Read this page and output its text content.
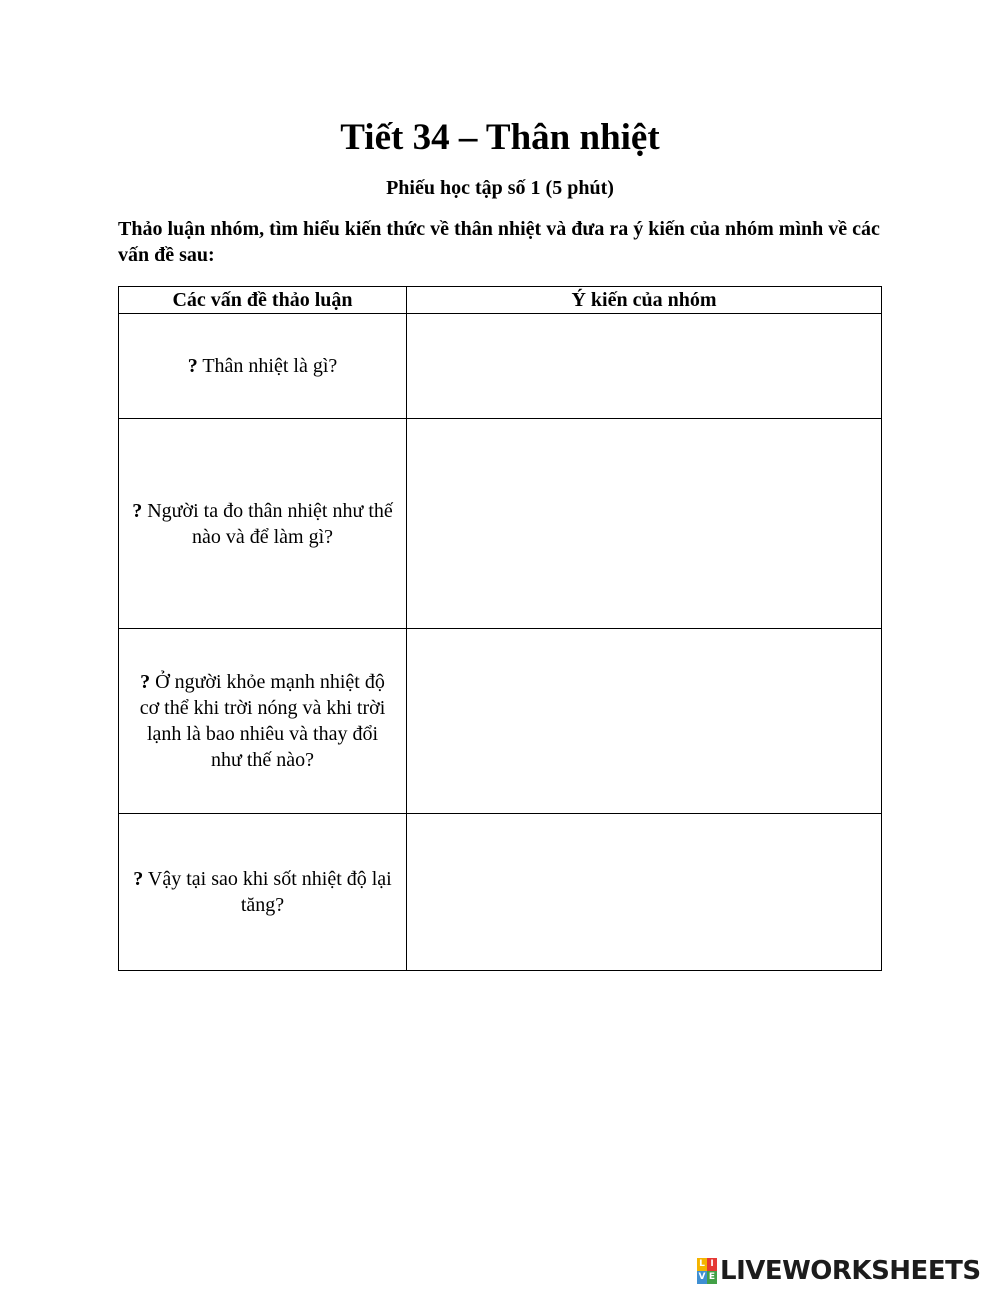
Tiết 34 – Thân nhiệt

Phiếu học tập số 1 (5 phút)

Thảo luận nhóm, tìm hiểu kiến thức về thân nhiệt và đưa ra ý kiến của nhóm mình về các vấn đề sau:

Các vấn đề thảo luận	Ý kiến của nhóm
? Thân nhiệt là gì?	
? Người ta đo thân nhiệt như thế nào và để làm gì?	
? Ở người khỏe mạnh nhiệt độ cơ thể khi trời nóng và khi trời lạnh là bao nhiêu và thay đổi như thế nào?	
? Vậy tại sao khi sốt nhiệt độ lại tăng?	
L I
V E LIVEWORKSHEETS
